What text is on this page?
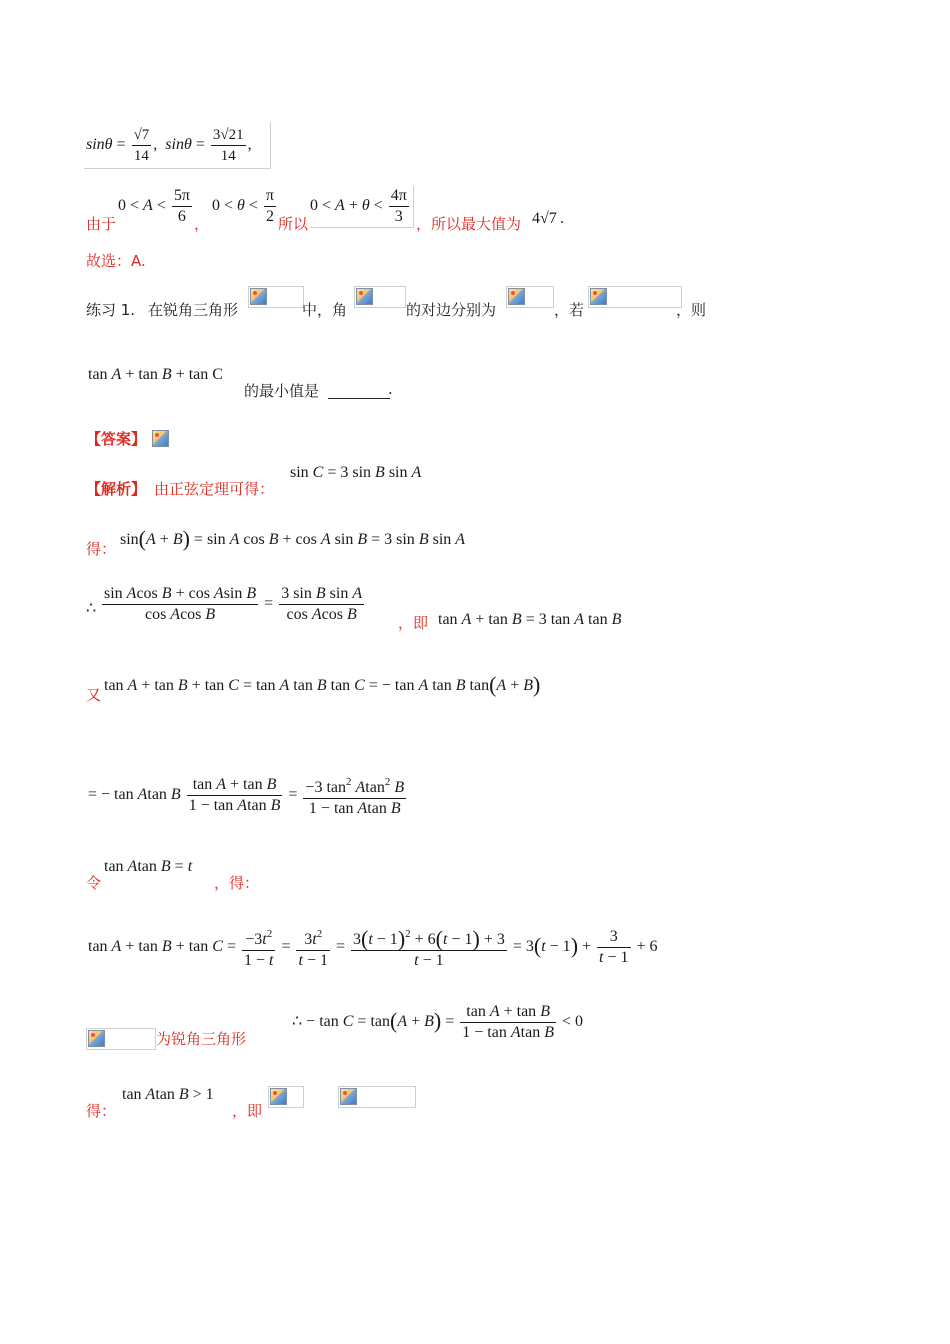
$\sin\theta = \frac{√7}{14}$ ,  $\sin\theta = \frac{3√21}{14}$ ,
由于
$0 < A < \frac{5\pi}{6}$ ，
$0 < \theta < \frac{\pi}{2}$ 所以
$0 < A + \theta < \frac{4\pi}{3}$ ，所以最大值为 4√7 .
故选：A.
练习 1. 在锐角三角形	中，角	的对边分别为	，若	，则
tan A + tan B + tan C
的最小值是	.
【答案】
【解析】 由正弦定理可得：
sin C = 3 sin B sin A
得：
sin(A + B) = sin A cos B + cos A sin B = 3 sin B sin A
∴ $\frac{\text{sin Acos B + cos Asin B}}{\text{cos Acos B}} = \frac{\text{3 sin B sin A}}{\text{cos Acos B}}$ ，即 tan A + tan B = 3 tan A tan B
又
tan A + tan B + tan C = tan A tan B tan C = − tan A tan B tan(A + B)
= − tan Atan B $\frac{\text{tan A + tan B}}{\text{1 − tan Atan B}} = \frac{-3 \tan^2 Atan^2 B}{\text{1 − tan Atan B}}$
令
tan Atan B = t
，得：
$\tan A + \tan B + \tan C = \frac{-3t^2}{1 - t} = \frac{3t^2}{t - 1} = \frac{3(t - 1)^2 + 6(t - 1) + 3}{t - 1} = 3(t - 1) + \frac{3}{t - 1} + 6$
为锐角三角形
∴ − $\tan C = \tan(A + B) = \frac{\text{tan A + tan B}}{\text{1 − tan Atan B}} < 0$
得：
tan Atan B > 1
，即
